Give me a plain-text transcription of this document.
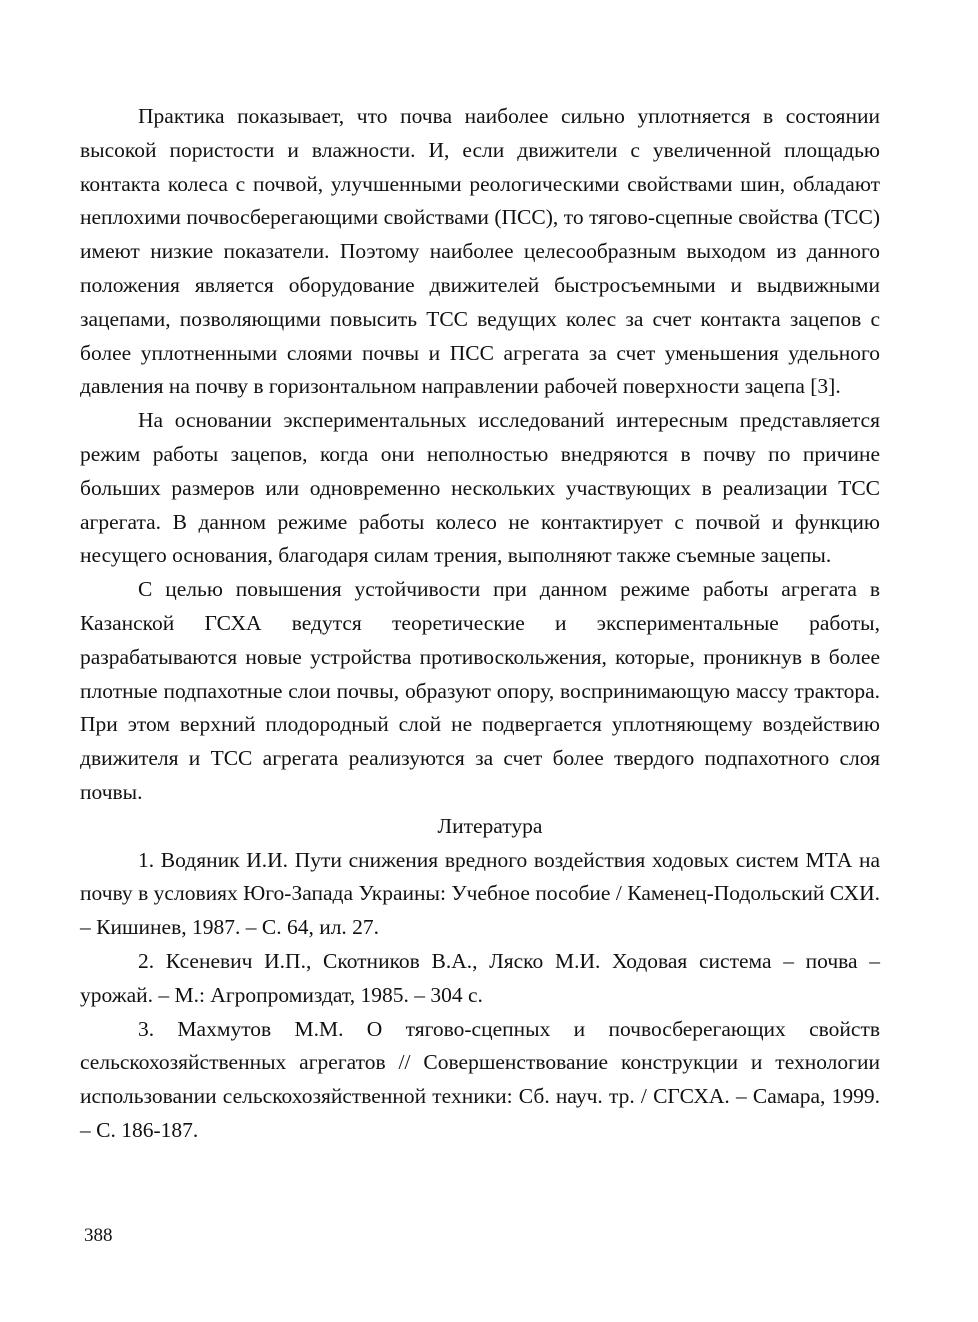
Практика показывает, что почва наиболее сильно уплотняется в состоянии высокой пористости и влажности. И, если движители с увеличенной площадью контакта колеса с почвой, улучшенными реологическими свойствами шин, обладают неплохими почвосберегающими свойствами (ПСС), то тягово-сцепные свойства (ТСС) имеют низкие показатели. Поэтому наиболее целесообразным выходом из данного положения является оборудование движителей быстросъемными и выдвижными зацепами, позволяющими повысить ТСС ведущих колес за счет контакта зацепов с более уплотненными слоями почвы и ПСС агрегата за счет уменьшения удельного давления на почву в горизонтальном направлении рабочей поверхности зацепа [3].

На основании экспериментальных исследований интересным представляется режим работы зацепов, когда они неполностью внедряются в почву по причине больших размеров или одновременно нескольких участвующих в реализации ТСС агрегата. В данном режиме работы колесо не контактирует с почвой и функцию несущего основания, благодаря силам трения, выполняют также съемные зацепы.

С целью повышения устойчивости при данном режиме работы агрегата в Казанской ГСХА ведутся теоретические и экспериментальные работы, разрабатываются новые устройства противоскольжения, которые, проникнув в более плотные подпахотные слои почвы, образуют опору, воспринимающую массу трактора. При этом верхний плодородный слой не подвергается уплотняющему воздействию движителя и ТСС агрегата реализуются за счет более твердого подпахотного слоя почвы.

Литература

1. Водяник И.И. Пути снижения вредного воздействия ходовых систем МТА на почву в условиях Юго-Запада Украины: Учебное пособие / Каменец-Подольский СХИ. – Кишинев, 1987. – С. 64, ил. 27.

2. Ксеневич И.П., Скотников В.А., Ляско М.И. Ходовая система – почва – урожай. – М.: Агропромиздат, 1985. – 304 с.

3. Махмутов М.М. О тягово-сцепных и почвосберегающих свойств сельскохозяйственных агрегатов // Совершенствование конструкции и технологии использовании сельскохозяйственной техники: Сб. науч. тр. / СГСХА. – Самара, 1999. – С. 186-187.

388
